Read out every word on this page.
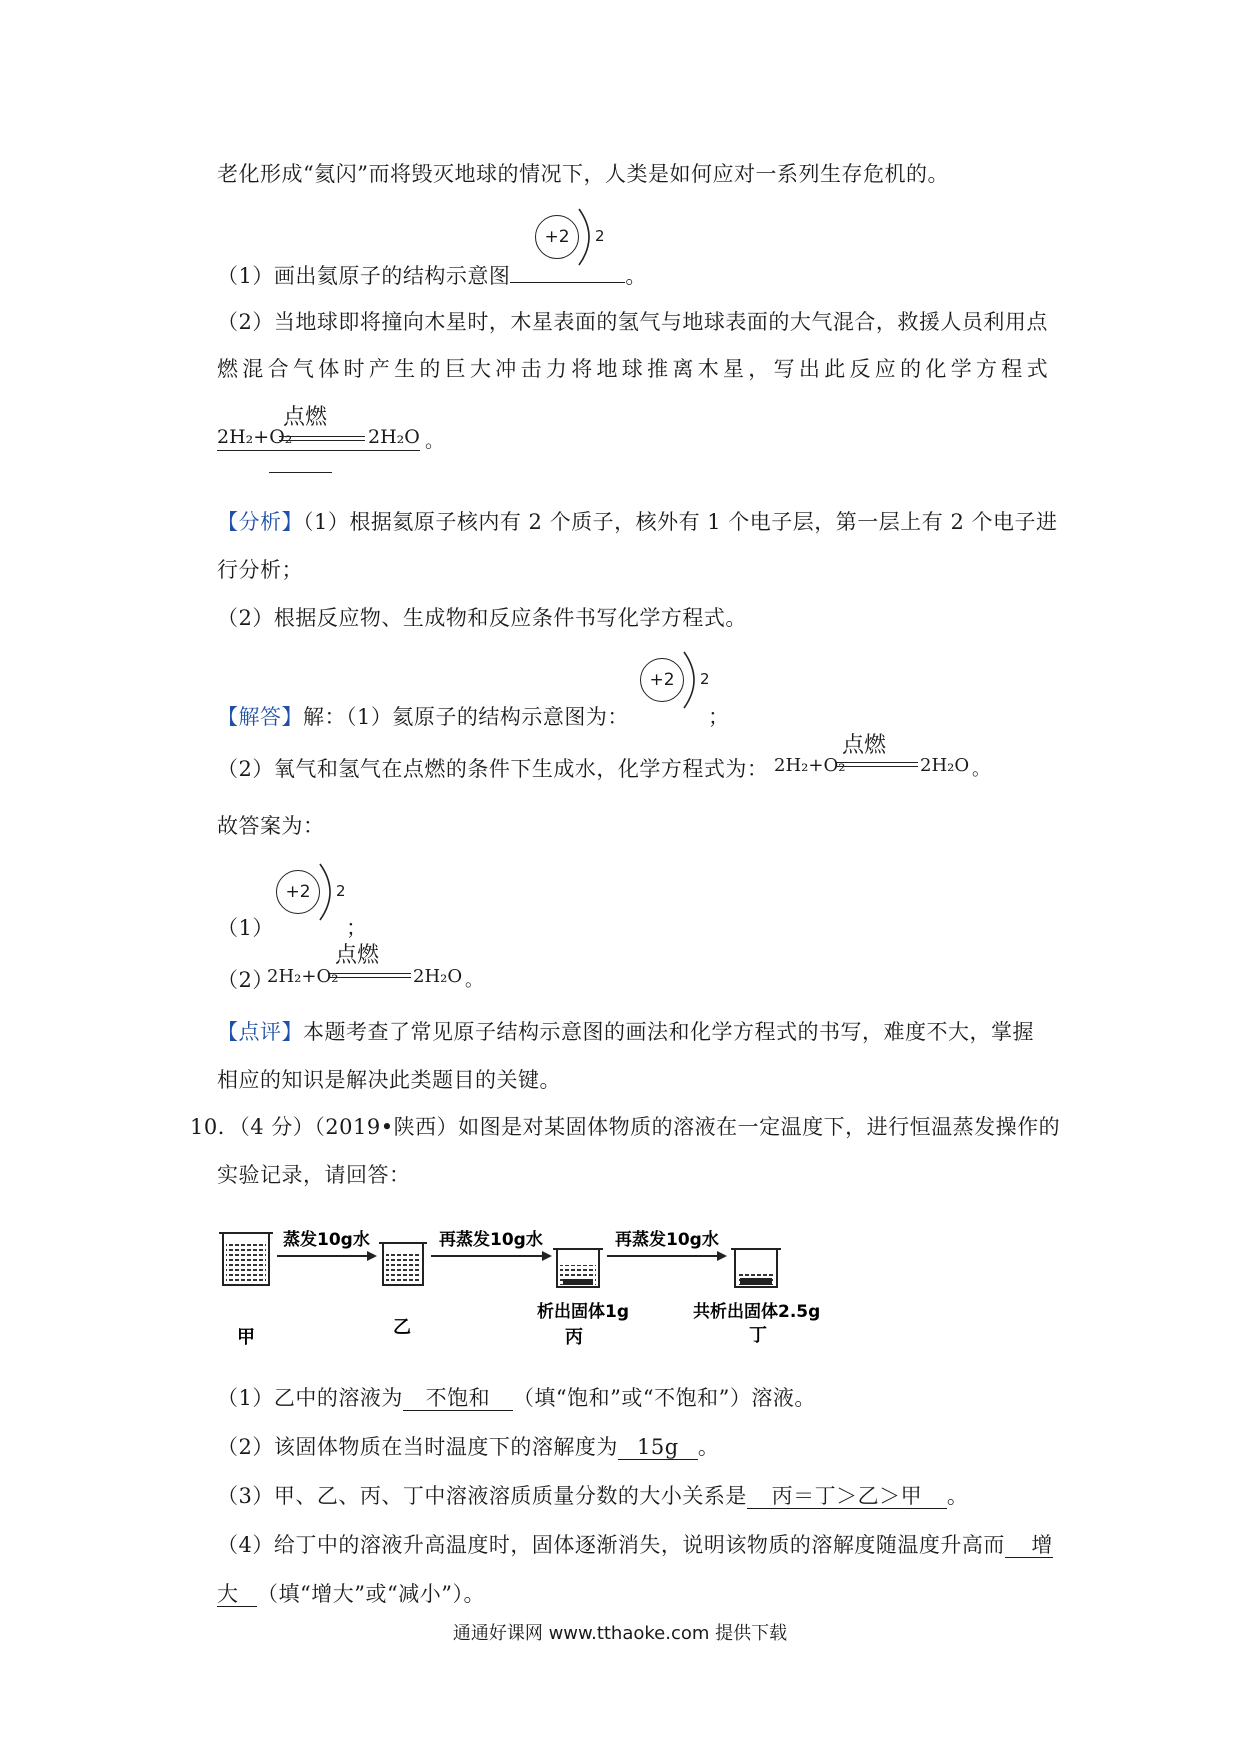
老化形成“氦闪”而将毁灭地球的情况下，人类是如何应对一系列生存危机的。
+2	2
（1）画出氦原子的结构示意图	。
（2）当地球即将撞向木星时，木星表面的氢气与地球表面的大气混合，救援人员利用点
燃混合气体时产生的巨大冲击力将地球推离木星，写出此反应的化学方程式
2H₂+O₂
点燃
2H₂O 。
【分析】（1）根据氦原子核内有 2 个质子，核外有 1 个电子层，第一层上有 2 个电子进
行分析；
（2）根据反应物、生成物和反应条件书写化学方程式。
+2	2
【解答】解：（1）氦原子的结构示意图为：	；
（2）氧气和氢气在点燃的条件下生成水，化学方程式为： 2H₂+O₂
点燃
2H₂O 。
故答案为：
+2	2
（1）	；
（2）
2H₂+O₂
点燃
2H₂O 。
【点评】本题考查了常见原子结构示意图的画法和化学方程式的书写，难度不大，掌握
相应的知识是解决此类题目的关键。
10．（4 分）（2019•陕西）如图是对某固体物质的溶液在一定温度下，进行恒温蒸发操作的
实验记录，请回答：
蒸发10g水	再蒸发10g水	再蒸发10g水
甲	乙
析出固体1g
丙
共析出固体2.5g
丁
（1）乙中的溶液为 不饱和 （填“饱和”或“不饱和”）溶液。
（2）该固体物质在当时温度下的溶解度为 15g 。
（3）甲、乙、丙、丁中溶液溶质质量分数的大小关系是 丙＝丁＞乙＞甲 。
（4）给丁中的溶液升高温度时，固体逐渐消失，说明该物质的溶解度随温度升高而 增
大 （填“增大”或“减小”）。
通通好课网 www.tthaoke.com 提供下载
